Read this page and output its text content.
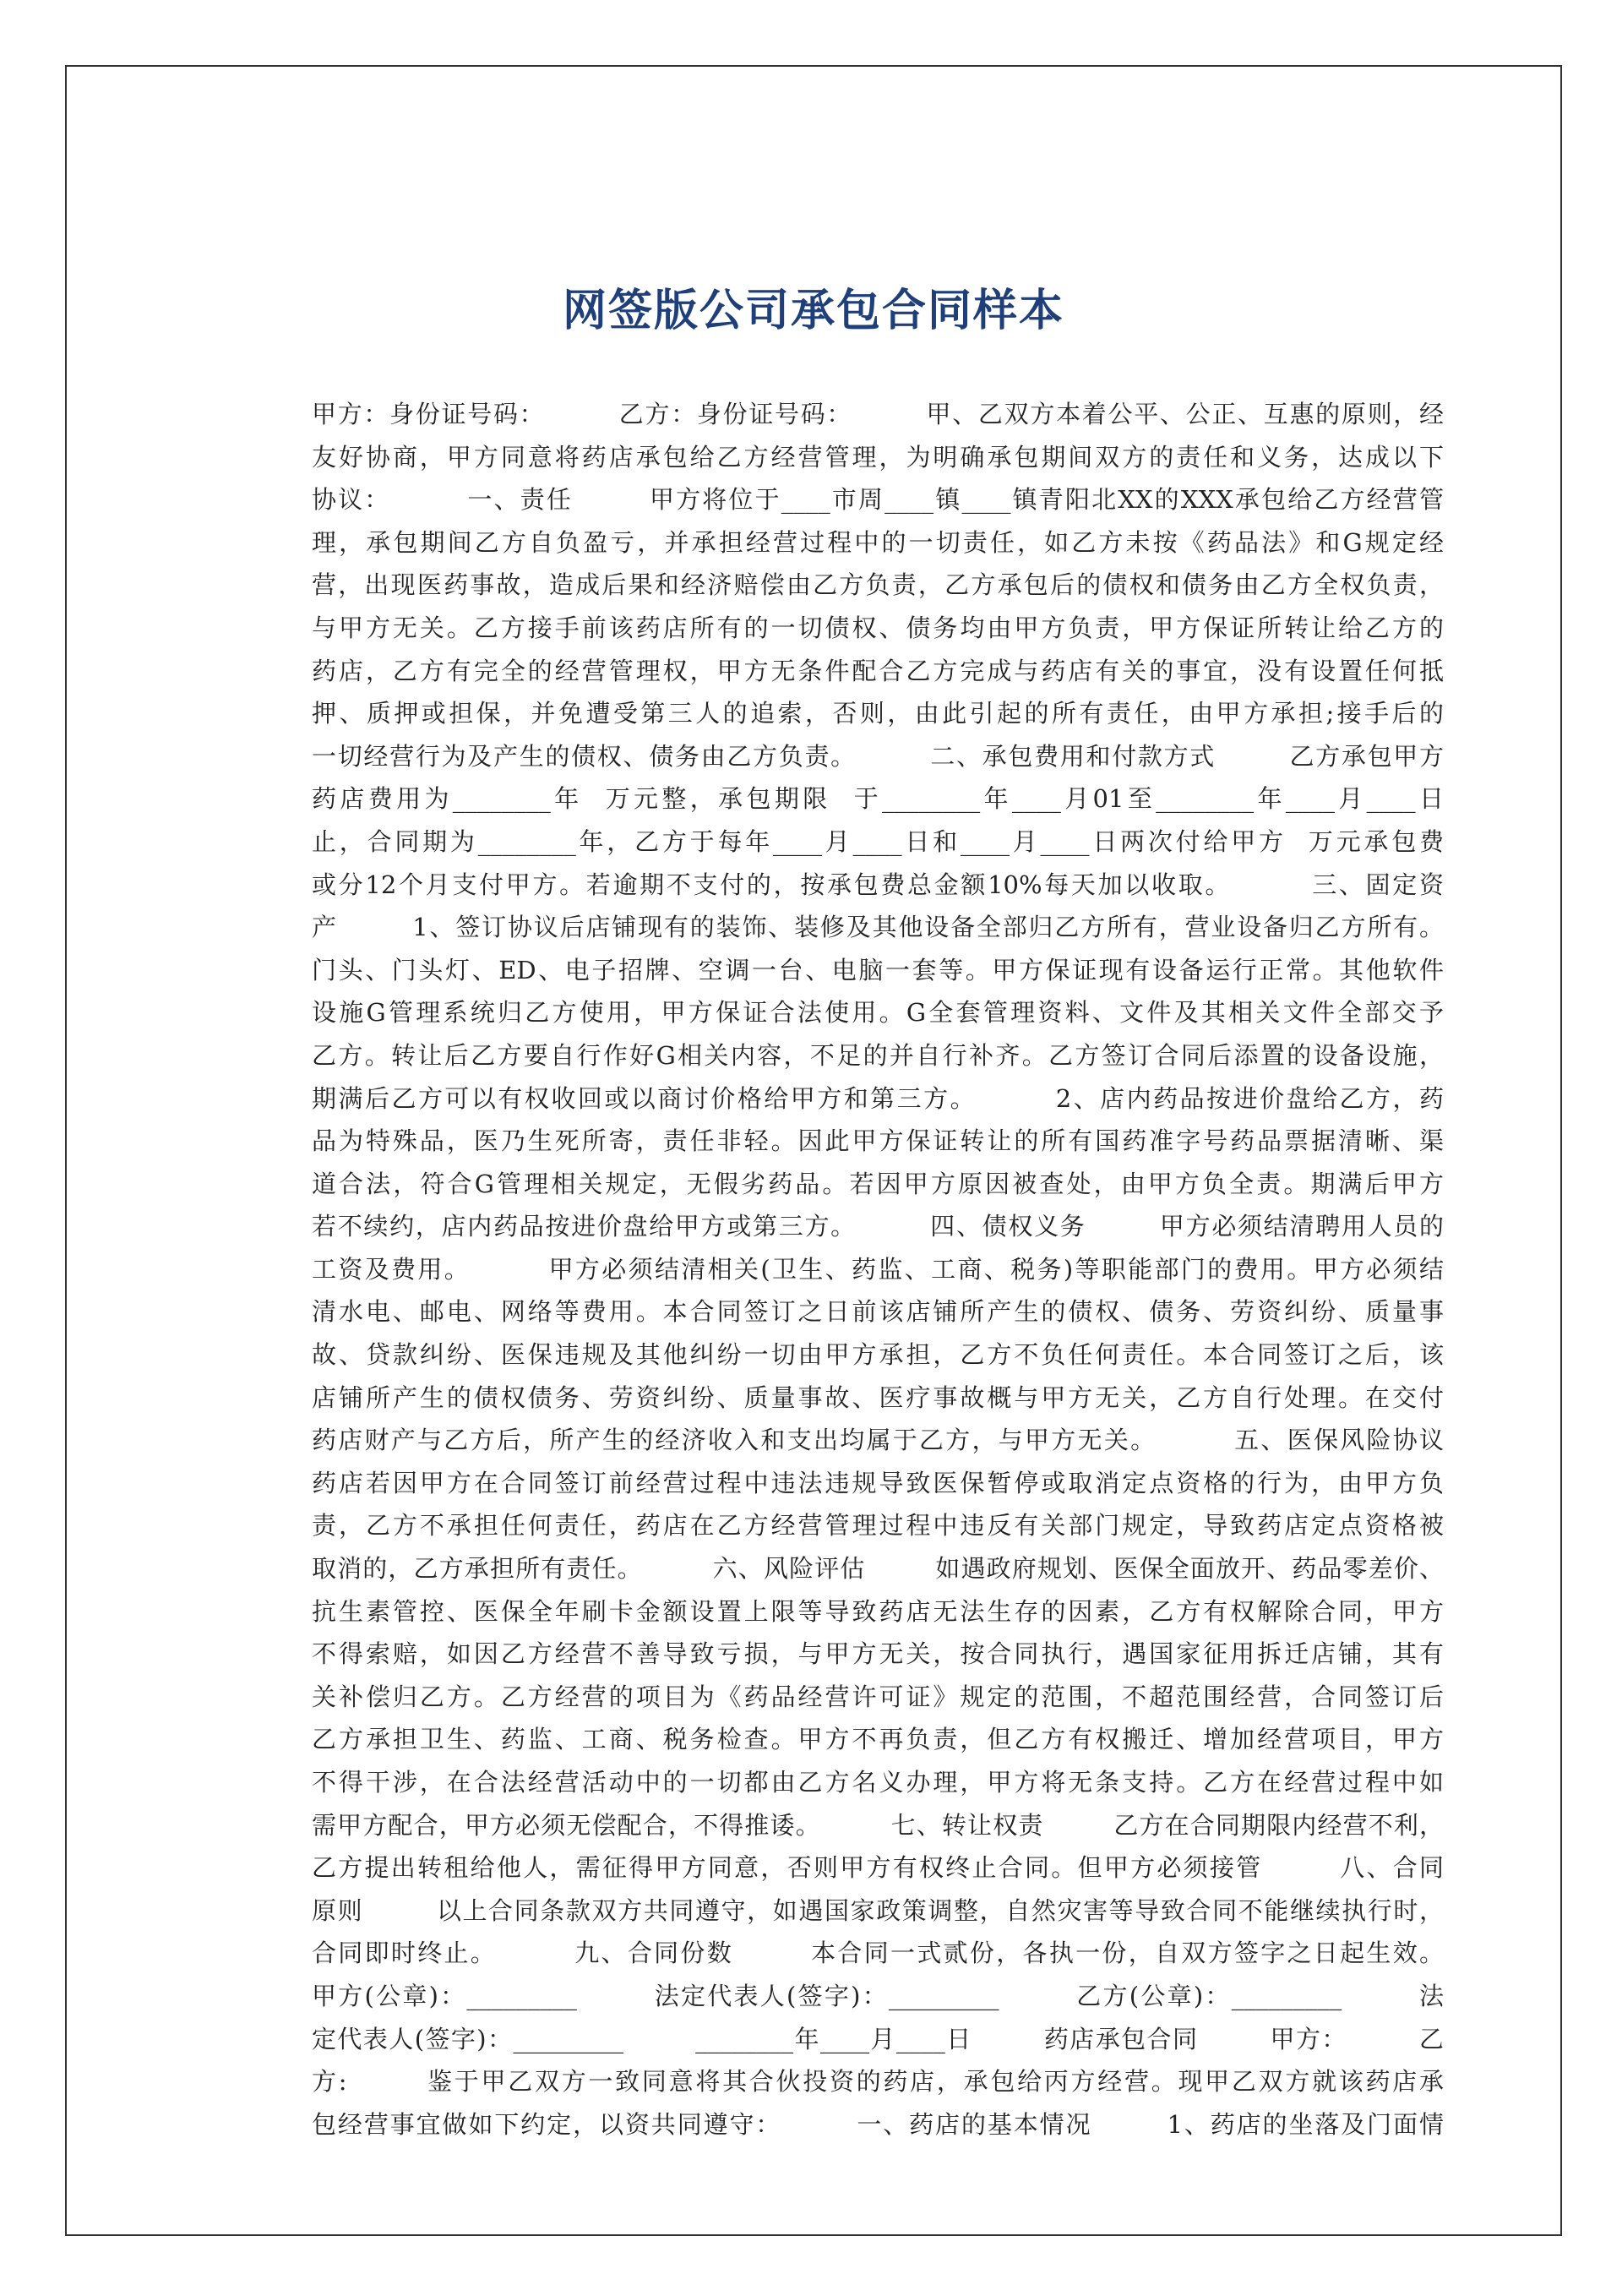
网签版公司承包合同样本
甲方：身份证号码：        乙方：身份证号码：        甲、乙双方本着公平、公正、互惠的原则，经
友好协商，甲方同意将药店承包给乙方经营管理，为明确承包期间双方的责任和义务，达成以下
协议：        一、责任        甲方将位于____市周____镇____镇青阳北XX的XXX承包给乙方经营管
理，承包期间乙方自负盈亏，并承担经营过程中的一切责任，如乙方未按《药品法》和G规定经
营，出现医药事故，造成后果和经济赔偿由乙方负责，乙方承包后的债权和债务由乙方全权负责，
与甲方无关。乙方接手前该药店所有的一切债权、债务均由甲方负责，甲方保证所转让给乙方的
药店，乙方有完全的经营管理权，甲方无条件配合乙方完成与药店有关的事宜，没有设置任何抵
押、质押或担保，并免遭受第三人的追索，否则，由此引起的所有责任，由甲方承担;接手后的
一切经营行为及产生的债权、债务由乙方负责。        二、承包费用和付款方式        乙方承包甲方
药店费用为________年  万元整，承包期限  于________年____月01至________年____月____日
止，合同期为________年，乙方于每年____月____日和____月____日两次付给甲方  万元承包费
或分12个月支付甲方。若逾期不支付的，按承包费总金额10%每天加以收取。        三、固定资
产        1、签订协议后店铺现有的装饰、装修及其他设备全部归乙方所有，营业设备归乙方所有。
门头、门头灯、ED、电子招牌、空调一台、电脑一套等。甲方保证现有设备运行正常。其他软件
设施G管理系统归乙方使用，甲方保证合法使用。G全套管理资料、文件及其相关文件全部交予
乙方。转让后乙方要自行作好G相关内容，不足的并自行补齐。乙方签订合同后添置的设备设施，
期满后乙方可以有权收回或以商讨价格给甲方和第三方。        2、店内药品按进价盘给乙方，药
品为特殊品，医乃生死所寄，责任非轻。因此甲方保证转让的所有国药准字号药品票据清晰、渠
道合法，符合G管理相关规定，无假劣药品。若因甲方原因被查处，由甲方负全责。期满后甲方
若不续约，店内药品按进价盘给甲方或第三方。        四、债权义务        甲方必须结清聘用人员的
工资及费用。        甲方必须结清相关(卫生、药监、工商、税务)等职能部门的费用。甲方必须结
清水电、邮电、网络等费用。本合同签订之日前该店铺所产生的债权、债务、劳资纠纷、质量事
故、贷款纠纷、医保违规及其他纠纷一切由甲方承担，乙方不负任何责任。本合同签订之后，该
店铺所产生的债权债务、劳资纠纷、质量事故、医疗事故概与甲方无关，乙方自行处理。在交付
药店财产与乙方后，所产生的经济收入和支出均属于乙方，与甲方无关。        五、医保风险协议
药店若因甲方在合同签订前经营过程中违法违规导致医保暂停或取消定点资格的行为，由甲方负
责，乙方不承担任何责任，药店在乙方经营管理过程中违反有关部门规定，导致药店定点资格被
取消的，乙方承担所有责任。        六、风险评估        如遇政府规划、医保全面放开、药品零差价、
抗生素管控、医保全年刷卡金额设置上限等导致药店无法生存的因素，乙方有权解除合同，甲方
不得索赔，如因乙方经营不善导致亏损，与甲方无关，按合同执行，遇国家征用拆迁店铺，其有
关补偿归乙方。乙方经营的项目为《药品经营许可证》规定的范围，不超范围经营，合同签订后
乙方承担卫生、药监、工商、税务检查。甲方不再负责，但乙方有权搬迁、增加经营项目，甲方
不得干涉，在合法经营活动中的一切都由乙方名义办理，甲方将无条支持。乙方在经营过程中如
需甲方配合，甲方必须无偿配合，不得推诿。        七、转让权责        乙方在合同期限内经营不利，
乙方提出转租给他人，需征得甲方同意，否则甲方有权终止合同。但甲方必须接管        八、合同
原则        以上合同条款双方共同遵守，如遇国家政策调整，自然灾害等导致合同不能继续执行时，
合同即时终止。        九、合同份数        本合同一式贰份，各执一份，自双方签字之日起生效。
甲方(公章)：_________        法定代表人(签字)：_________        乙方(公章)：_________        法
定代表人(签字)：_________        ________年____月____日        药店承包合同        甲方：        乙
方:        鉴于甲乙双方一致同意将其合伙投资的药店，承包给丙方经营。现甲乙双方就该药店承
包经营事宜做如下约定，以资共同遵守：        一、药店的基本情况        1、药店的坐落及门面情
